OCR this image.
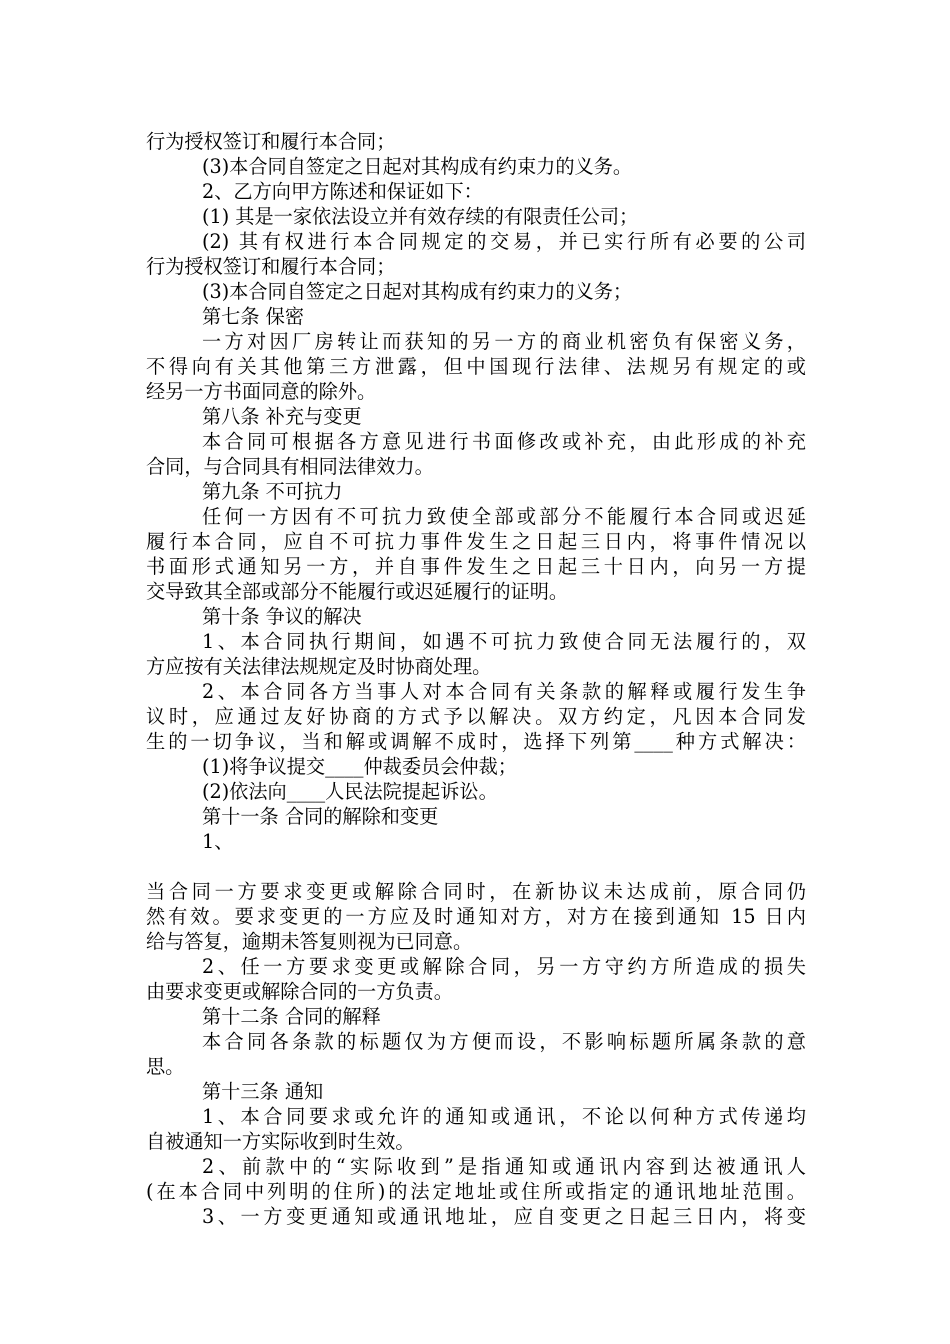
行为授权签订和履行本合同；
(3)本合同自签定之日起对其构成有约束力的义务。
2、乙方向甲方陈述和保证如下：
(1) 其是一家依法设立并有效存续的有限责任公司；
(2) 其有权进行本合同规定的交易，并已实行所有必要的公司
行为授权签订和履行本合同；
(3)本合同自签定之日起对其构成有约束力的义务；
第七条 保密
一方对因厂房转让而获知的另一方的商业机密负有保密义务，
不得向有关其他第三方泄露，但中国现行法律、法规另有规定的或
经另一方书面同意的除外。
第八条 补充与变更
本合同可根据各方意见进行书面修改或补充，由此形成的补充
合同，与合同具有相同法律效力。
第九条 不可抗力
任何一方因有不可抗力致使全部或部分不能履行本合同或迟延
履行本合同，应自不可抗力事件发生之日起三日内，将事件情况以
书面形式通知另一方，并自事件发生之日起三十日内，向另一方提
交导致其全部或部分不能履行或迟延履行的证明。
第十条 争议的解决
1、本合同执行期间，如遇不可抗力致使合同无法履行的，双
方应按有关法律法规规定及时协商处理。
2、本合同各方当事人对本合同有关条款的解释或履行发生争
议时，应通过友好协商的方式予以解决。双方约定，凡因本合同发
生的一切争议，当和解或调解不成时，选择下列第____种方式解决：
(1)将争议提交____仲裁委员会仲裁；
(2)依法向____人民法院提起诉讼。
第十一条 合同的解除和变更
1、
当合同一方要求变更或解除合同时，在新协议未达成前，原合同仍
然有效。要求变更的一方应及时通知对方，对方在接到通知 15 日内
给与答复，逾期未答复则视为已同意。
2、任一方要求变更或解除合同，另一方守约方所造成的损失
由要求变更或解除合同的一方负责。
第十二条 合同的解释
本合同各条款的标题仅为方便而设，不影响标题所属条款的意
思。
第十三条 通知
1、本合同要求或允许的通知或通讯，不论以何种方式传递均
自被通知一方实际收到时生效。
2、前款中的“实际收到”是指通知或通讯内容到达被通讯人
(在本合同中列明的住所)的法定地址或住所或指定的通讯地址范围。
3、一方变更通知或通讯地址，应自变更之日起三日内，将变
